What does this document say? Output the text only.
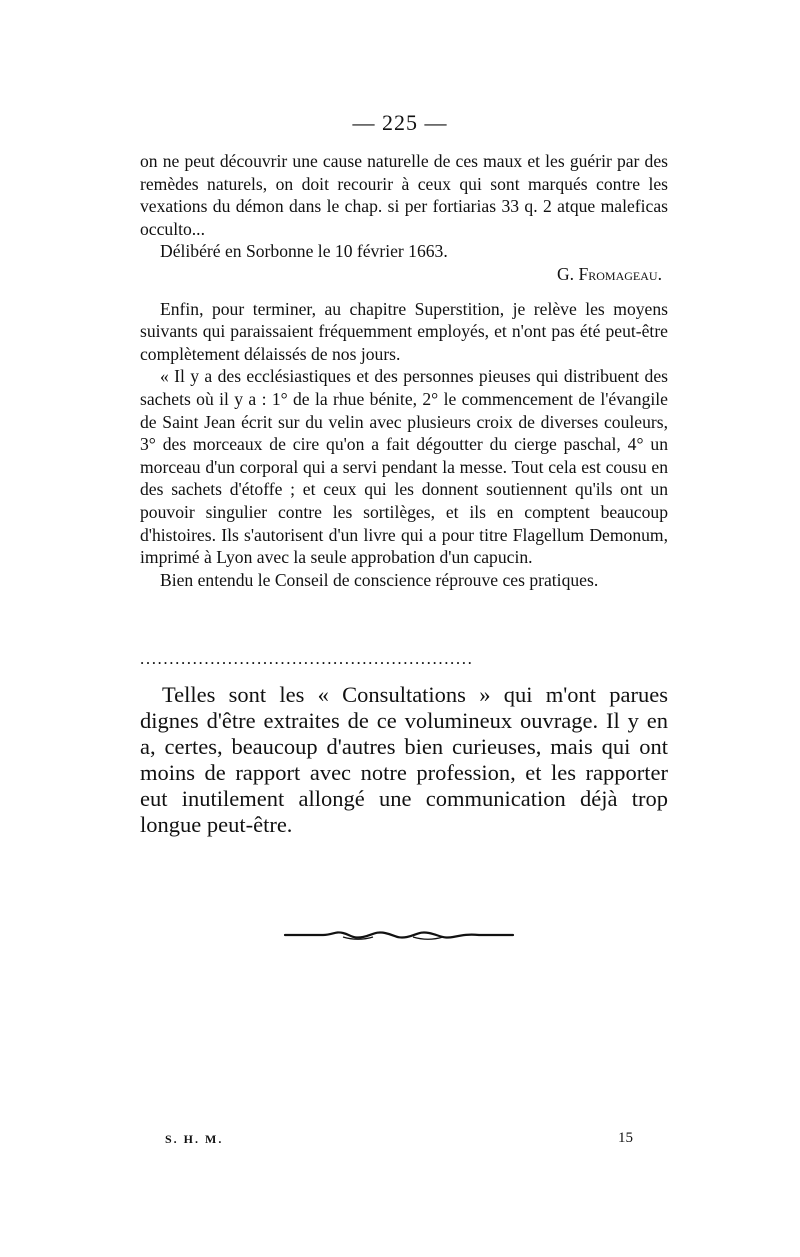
— 225 —

on ne peut découvrir une cause naturelle de ces maux et les guérir par des remèdes naturels, on doit recourir à ceux qui sont marqués contre les vexations du démon dans le chap. si per fortiarias 33 q. 2 atque maleficas occulto...

Délibéré en Sorbonne le 10 février 1663.

G. Fromageau.

Enfin, pour terminer, au chapitre Superstition, je relève les moyens suivants qui paraissaient fréquemment employés, et n'ont pas été peut-être complètement délaissés de nos jours.

« Il y a des ecclésiastiques et des personnes pieuses qui distribuent des sachets où il y a : 1° de la rhue bénite, 2° le commencement de l'évangile de Saint Jean écrit sur du velin avec plusieurs croix de diverses couleurs, 3° des morceaux de cire qu'on a fait dégoutter du cierge paschal, 4° un morceau d'un corporal qui a servi pendant la messe. Tout cela est cousu en des sachets d'étoffe ; et ceux qui les donnent soutiennent qu'ils ont un pouvoir singulier contre les sortilèges, et ils en comptent beaucoup d'histoires. Ils s'autorisent d'un livre qui a pour titre Flagellum Demonum, imprimé à Lyon avec la seule approbation d'un capucin.

Bien entendu le Conseil de conscience réprouve ces pratiques.

.........................................................

Telles sont les « Consultations » qui m'ont parues dignes d'être extraites de ce volumineux ouvrage. Il y en a, certes, beaucoup d'autres bien curieuses, mais qui ont moins de rapport avec notre profession, et les rapporter eut inutilement allongé une communication déjà trop longue peut-être.

S. H. M.	15
